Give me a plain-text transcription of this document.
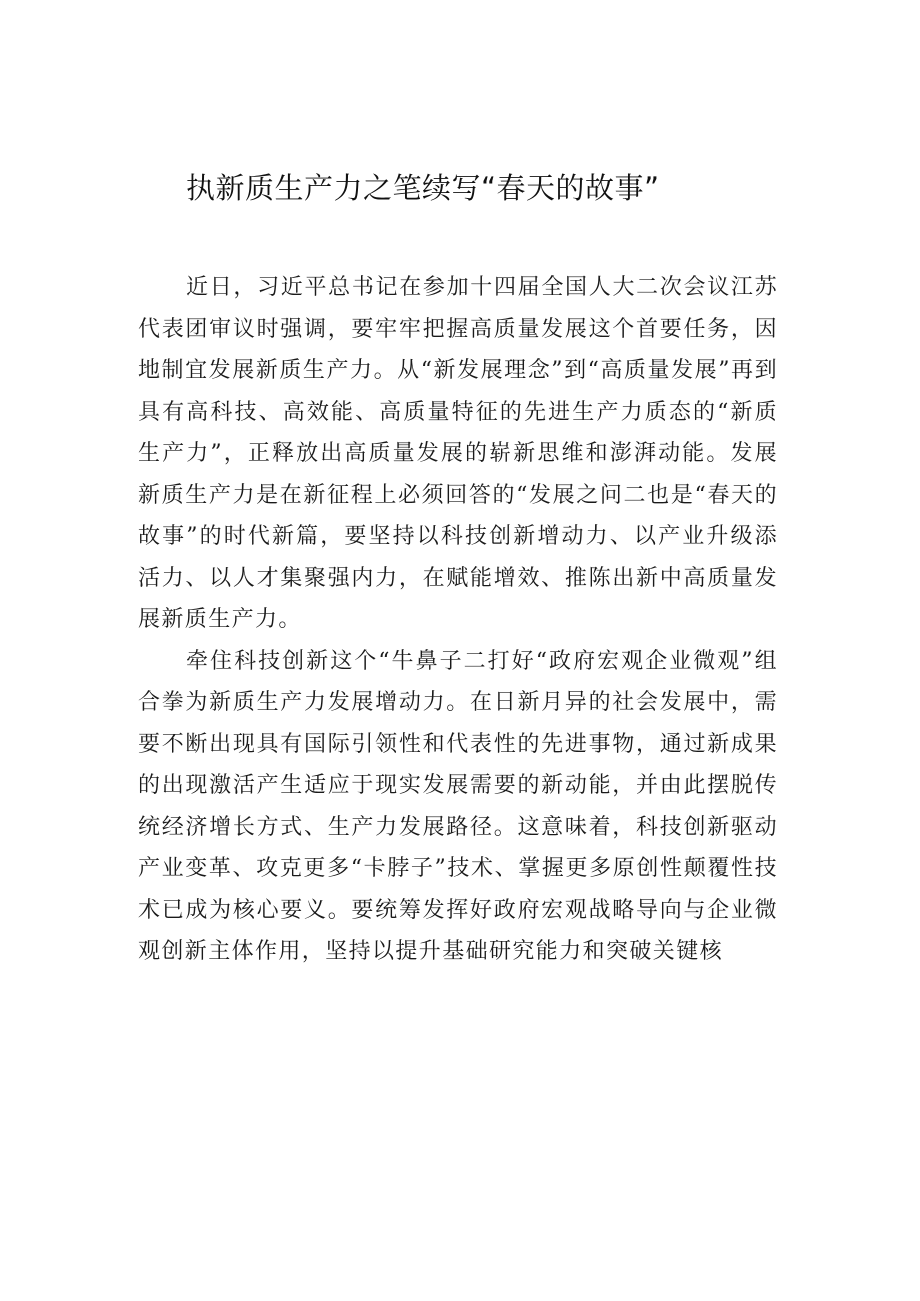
执新质生产力之笔续写“春天的故事”

近日，习近平总书记在参加十四届全国人大二次会议江苏代表团审议时强调，要牢牢把握高质量发展这个首要任务，因地制宜发展新质生产力。从“新发展理念”到“高质量发展”再到具有高科技、高效能、高质量特征的先进生产力质态的“新质生产力”，正释放出高质量发展的崭新思维和澎湃动能。发展新质生产力是在新征程上必须回答的“发展之问二也是“春天的故事”的时代新篇，要坚持以科技创新增动力、以产业升级添活力、以人才集聚强内力，在赋能增效、推陈出新中高质量发展新质生产力。

牵住科技创新这个“牛鼻子二打好“政府宏观企业微观”组合拳为新质生产力发展增动力。在日新月异的社会发展中，需要不断出现具有国际引领性和代表性的先进事物，通过新成果的出现激活产生适应于现实发展需要的新动能，并由此摆脱传统经济增长方式、生产力发展路径。这意味着，科技创新驱动产业变革、攻克更多“卡脖子”技术、掌握更多原创性颠覆性技术已成为核心要义。要统筹发挥好政府宏观战略导向与企业微观创新主体作用，坚持以提升基础研究能力和突破关键核
